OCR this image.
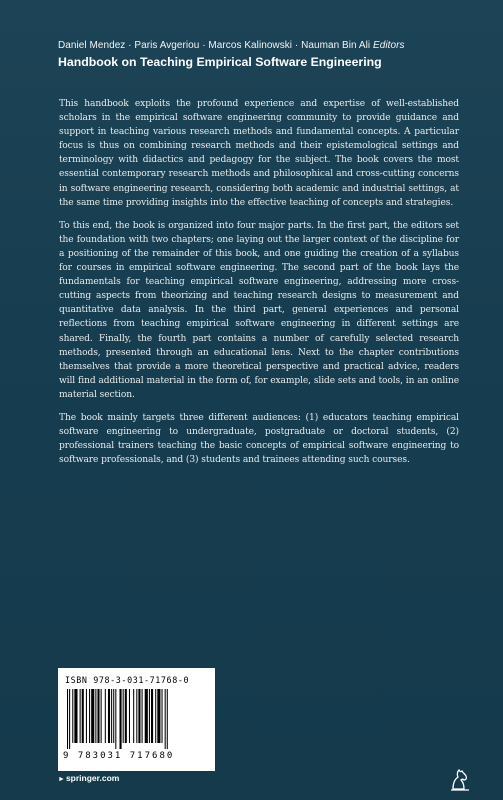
Daniel Mendez · Paris Avgeriou · Marcos Kalinowski · Nauman Bin Ali Editors
Handbook on Teaching Empirical Software Engineering

This handbook exploits the profound experience and expertise of well-established scholars in the empirical software engineering community to provide guidance and support in teaching various research methods and fundamental concepts. A particular focus is thus on combining research methods and their epistemological settings and terminology with didactics and pedagogy for the subject. The book covers the most essential contemporary research methods and philosophical and cross-cutting concerns in software engineering research, considering both academic and industrial settings, at the same time providing insights into the effective teaching of concepts and strategies.

To this end, the book is organized into four major parts. In the first part, the editors set the foundation with two chapters; one laying out the larger context of the discipline for a positioning of the remainder of this book, and one guiding the creation of a syllabus for courses in empirical software engineering. The second part of the book lays the fundamentals for teaching empirical software engineering, addressing more cross-cutting aspects from theorizing and teaching research designs to measurement and quantitative data analysis. In the third part, general experiences and personal reflections from teaching empirical software engineering in different settings are shared. Finally, the fourth part contains a number of carefully selected research methods, presented through an educational lens. Next to the chapter contributions themselves that provide a more theoretical perspective and practical advice, readers will find additional material in the form of, for example, slide sets and tools, in an online material section.

The book mainly targets three different audiences: (1) educators teaching empirical software engineering to undergraduate, postgraduate or doctoral students, (2) professional trainers teaching the basic concepts of empirical software engineering to software professionals, and (3) students and trainees attending such courses.

ISBN 978-3-031-71768-0
9 783031 717680
►springer.com
